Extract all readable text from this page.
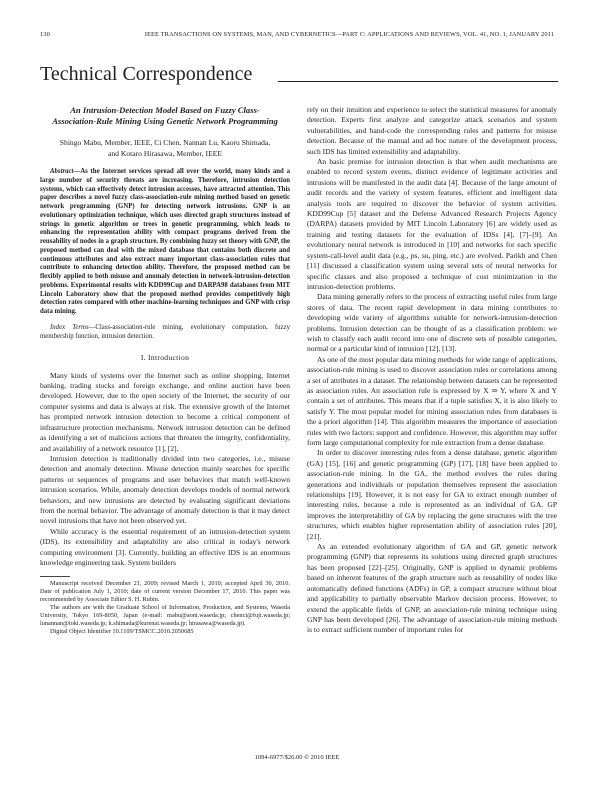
130	IEEE TRANSACTIONS ON SYSTEMS, MAN, AND CYBERNETICS—PART C: APPLICATIONS AND REVIEWS, VOL. 41, NO. 1, JANUARY 2011
Technical Correspondence
An Intrusion-Detection Model Based on Fuzzy Class-Association-Rule Mining Using Genetic Network Programming
Shingo Mabu, Member, IEEE, Ci Chen, Nannan Lu, Kaoru Shimada,
and Kotaro Hirasawa, Member, IEEE

Abstract—As the Internet services spread all over the world, many kinds and a large number of security threats are increasing. Therefore, intrusion detection systems, which can effectively detect intrusion accesses, have attracted attention. This paper describes a novel fuzzy class-association-rule mining method based on genetic network programming (GNP) for detecting network intrusions. GNP is an evolutionary optimization technique, which uses directed graph structures instead of strings in genetic algorithm or trees in genetic programming, which leads to enhancing the representation ability with compact programs derived from the reusability of nodes in a graph structure. By combining fuzzy set theory with GNP, the proposed method can deal with the mixed database that contains both discrete and continuous attributes and also extract many important class-association rules that contribute to enhancing detection ability. Therefore, the proposed method can be flexibly applied to both misuse and anomaly detection in network-intrusion-detection problems. Experimental results with KDD99Cup and DARPA98 databases from MIT Lincoln Laboratory show that the proposed method provides competitively high detection rates compared with other machine-learning techniques and GNP with crisp data mining.

Index Terms—Class-association-rule mining, evolutionary computation, fuzzy membership function, intrusion detection.

I. Introduction

Many kinds of systems over the Internet such as online shopping, Internet banking, trading stocks and foreign exchange, and online auction have been developed. However, due to the open society of the Internet, the security of our computer systems and data is always at risk. The extensive growth of the Internet has prompted network intrusion detection to become a critical component of infrastructure protection mechanisms. Network intrusion detection can be defined as identifying a set of malicious actions that threaten the integrity, confidentiality, and availability of a network resource [1], [2].

Intrusion detection is traditionally divided into two categories, i.e., misuse detection and anomaly detection. Misuse detection mainly searches for specific patterns or sequences of programs and user behaviors that match well-known intrusion scenarios. While, anomaly detection develops models of normal network behaviors, and new intrusions are detected by evaluating significant deviations from the normal behavior. The advantage of anomaly detection is that it may detect novel intrusions that have not been observed yet.

While accuracy is the essential requirement of an intrusion-detection system (IDS), its extensibility and adaptability are also critical in today's network computing environment [3]. Currently, building an effective IDS is an enormous knowledge engineering task. System builders

Manuscript received December 21, 2009; revised March 1, 2010; accepted April 30, 2010. Date of publication July 1, 2010; date of current version December 17, 2010. This paper was recommended by Associate Editor S. H. Rubin.

The authors are with the Graduate School of Information, Production, and Systems, Waseda University, Tokyo 169-8050, Japan (e-mail: mabu@aoni.waseda.jp; chenci@fuji.waseda.jp; lunannan@toki.waseda.jp; k.shimada@kurenai.waseda.jp; hirasawa@waseda.jp).

Digital Object Identifier 10.1109/TSMCC.2010.2050685

rely on their intuition and experience to select the statistical measures for anomaly detection. Experts first analyze and categorize attack scenarios and system vulnerabilities, and hand-code the corresponding rules and patterns for misuse detection. Because of the manual and ad hoc nature of the development process, such IDS has limited extensibility and adaptability.

An basic premise for intrusion detection is that when audit mechanisms are enabled to record system events, distinct evidence of legitimate activities and intrusions will be manifested in the audit data [4]. Because of the large amount of audit records and the variety of system features, efficient and intelligent data analysis tools are required to discover the behavior of system activities. KDD99Cup [5] dataset and the Defense Advanced Research Projects Agency (DARPA) datasets provided by MIT Lincoln Laboratory [6] are widely used as training and testing datasets for the evaluation of IDSs [4], [7]–[9]. An evolutionary neural network is introduced in [10] and networks for each specific system-call-level audit data (e.g., ps, su, ping, etc.) are evolved. Parikh and Chen [11] discussed a classification system using several sets of neural networks for specific classes and also proposed a technique of cost minimization in the intrusion-detection problems.

Data mining generally refers to the process of extracting useful rules from large stores of data. The recent rapid development in data mining contributes to developing wide variety of algorithms suitable for network-intrusion-detection problems. Intrusion detection can be thought of as a classification problem: we wish to classify each audit record into one of discrete sets of possible categories, normal or a particular kind of intrusion [12], [13].

As one of the most popular data mining methods for wide range of applications, association-rule mining is used to discover association rules or correlations among a set of attributes in a dataset. The relationship between datasets can be represented as association rules. An association rule is expressed by X ⇒ Y, where X and Y contain a set of attributes. This means that if a tuple satisfies X, it is also likely to satisfy Y. The most popular model for mining association rules from databases is the a priori algorithm [14]. This algorithm measures the importance of association rules with two factors: support and confidence. However, this algorithm may suffer form large computational complexity for rule extraction from a dense database.

In order to discover interesting rules from a dense database, genetic algorithm (GA) [15], [16] and genetic programming (GP) [17], [18] have been applied to association-rule mining. In the GA, the method evolves the rules during generations and individuals or population themselves represent the association relationships [19]. However, it is not easy for GA to extract enough number of interesting rules, because a rule is represented as an individual of GA. GP improves the interpretability of GA by replacing the gene structures with the tree structures, which enables higher representation ability of association rules [20], [21].

As an extended evolutionary algorithm of GA and GP, genetic network programming (GNP) that represents its solutions using directed graph structures has been proposed [22]–[25]. Originally, GNP is applied to dynamic problems based on inherent features of the graph structure such as reusability of nodes like automatically defined functions (ADFs) in GP, a compact structure without bloat and applicability to partially observable Markov decision process. However, to extend the applicable fields of GNP, an association-rule mining technique using GNP has been developed [26]. The advantage of association-rule mining methods is to extract sufficient number of important rules for

1094-6977/$26.00 © 2010 IEEE
